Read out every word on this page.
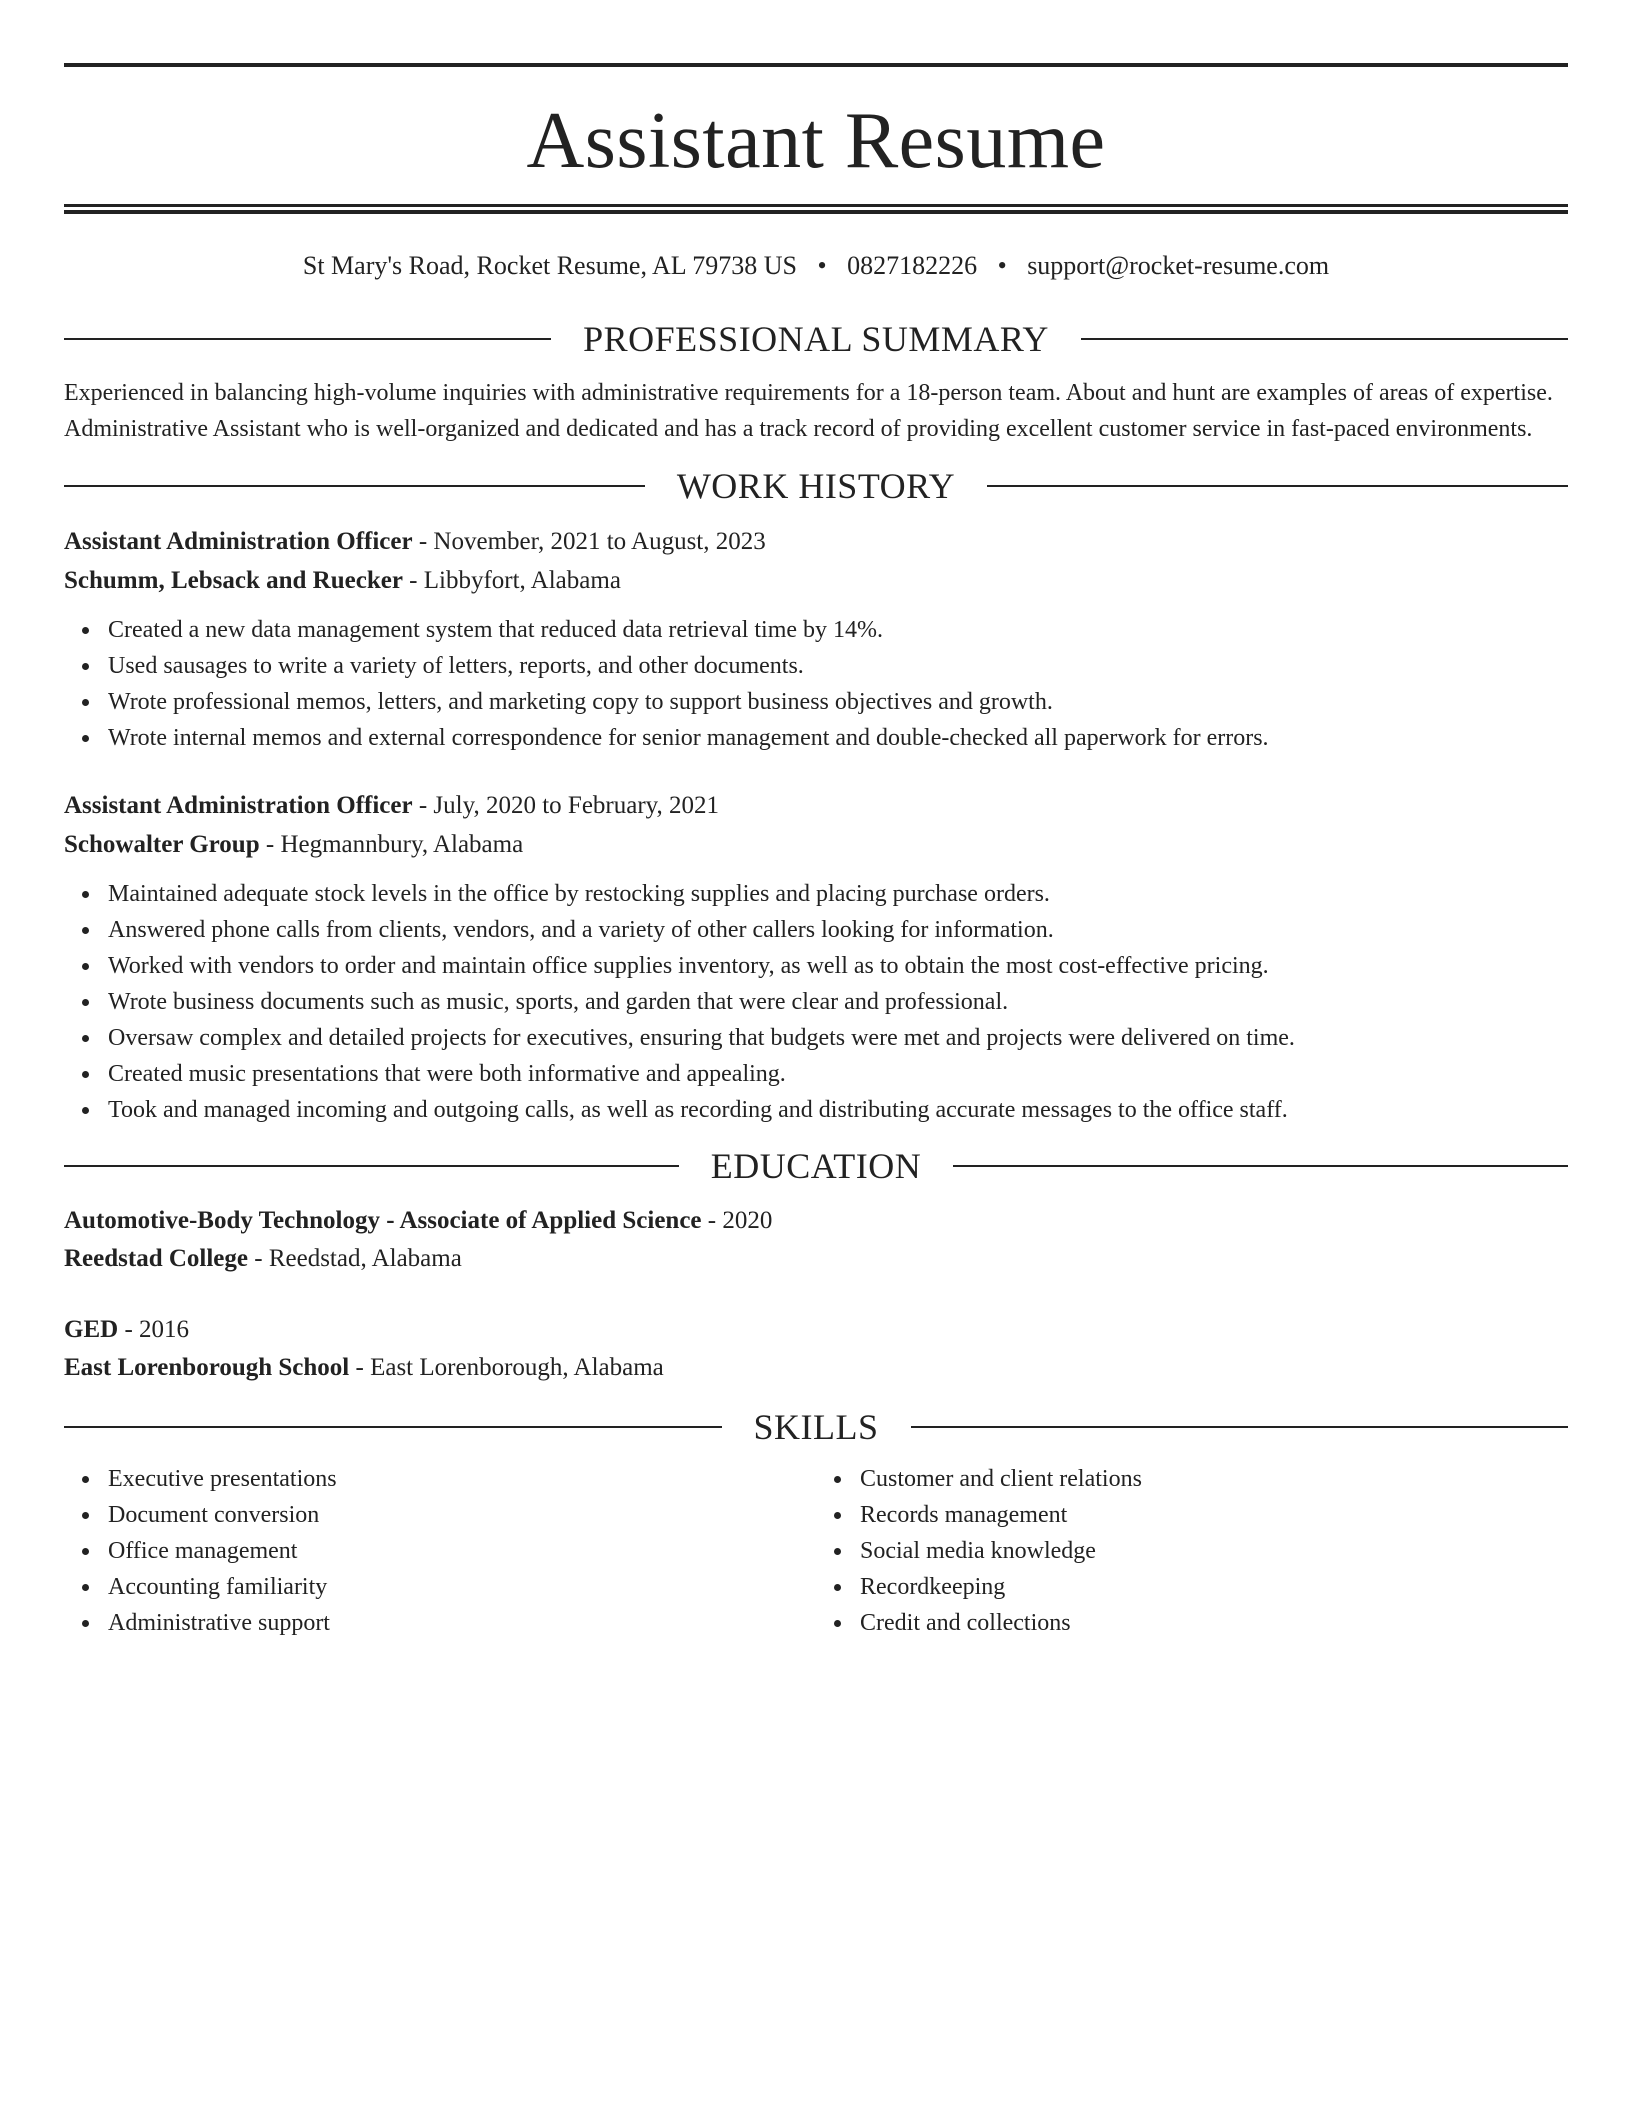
Assistant Resume
St Mary's Road, Rocket Resume, AL 79738 US • 0827182226 • support@rocket-resume.com
PROFESSIONAL SUMMARY
Experienced in balancing high-volume inquiries with administrative requirements for a 18-person team. About and hunt are examples of areas of expertise. Administrative Assistant who is well-organized and dedicated and has a track record of providing excellent customer service in fast-paced environments.
WORK HISTORY
Assistant Administration Officer - November, 2021 to August, 2023
Schumm, Lebsack and Ruecker - Libbyfort, Alabama
Created a new data management system that reduced data retrieval time by 14%.
Used sausages to write a variety of letters, reports, and other documents.
Wrote professional memos, letters, and marketing copy to support business objectives and growth.
Wrote internal memos and external correspondence for senior management and double-checked all paperwork for errors.
Assistant Administration Officer - July, 2020 to February, 2021
Schowalter Group - Hegmannbury, Alabama
Maintained adequate stock levels in the office by restocking supplies and placing purchase orders.
Answered phone calls from clients, vendors, and a variety of other callers looking for information.
Worked with vendors to order and maintain office supplies inventory, as well as to obtain the most cost-effective pricing.
Wrote business documents such as music, sports, and garden that were clear and professional.
Oversaw complex and detailed projects for executives, ensuring that budgets were met and projects were delivered on time.
Created music presentations that were both informative and appealing.
Took and managed incoming and outgoing calls, as well as recording and distributing accurate messages to the office staff.
EDUCATION
Automotive-Body Technology - Associate of Applied Science - 2020
Reedstad College - Reedstad, Alabama
GED - 2016
East Lorenborough School - East Lorenborough, Alabama
SKILLS
Executive presentations
Document conversion
Office management
Accounting familiarity
Administrative support
Customer and client relations
Records management
Social media knowledge
Recordkeeping
Credit and collections
